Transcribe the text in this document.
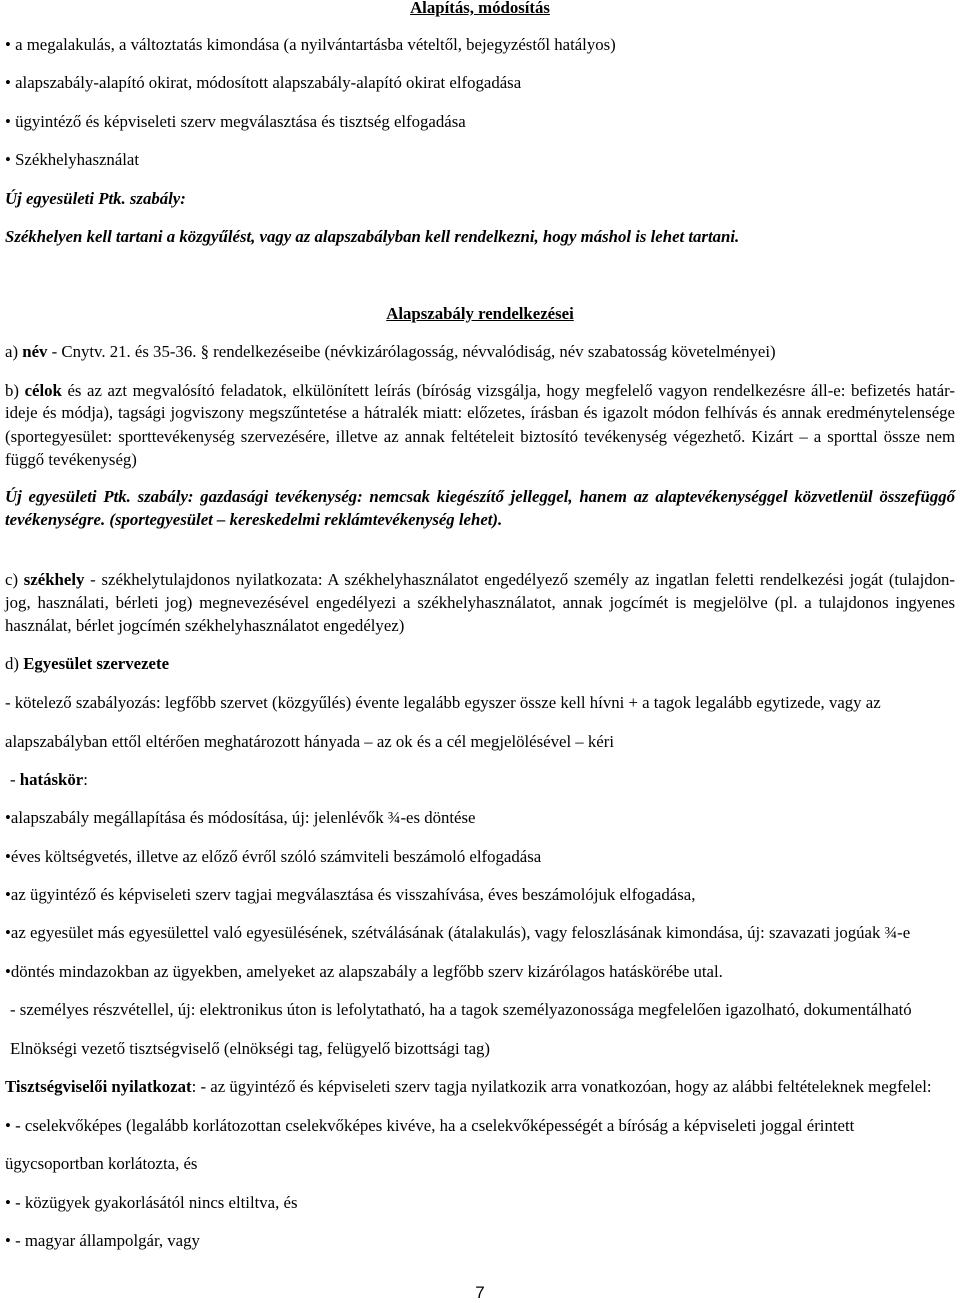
Alapítás, módosítás
• a megalakulás, a változtatás kimondása (a nyilvántartásba vételtől, bejegyzéstől hatályos)
• alapszabály-alapító okirat, módosított alapszabály-alapító okirat elfogadása
• ügyintéző és képviseleti szerv megválasztása és tisztség elfogadása
• Székhelyhasználat
Új egyesületi Ptk. szabály:
Székhelyen kell tartani a közgyűlést, vagy az alapszabályban kell rendelkezni, hogy máshol is lehet tartani.
Alapszabály rendelkezései
a) név - Cnytv. 21. és 35-36. § rendelkezéseibe (névkizárólagosság, névvalódiság, név szabatosság követelményei)
b) célok és az azt megvalósító feladatok, elkülönített leírás (bíróság vizsgálja, hogy megfelelő vagyon rendelkezésre áll-e: befizetés határ-
ideje és módja), tagsági jogviszony megszűntetése a hátralék miatt: előzetes, írásban és igazolt módon felhívás és annak eredménytelensége
(sportegyesület: sporttevékenység szervezésére, illetve az annak feltételeit biztosító tevékenység végezhető. Kizárt – a sporttal össze nem
függő tevékenység)
Új egyesületi Ptk. szabály: gazdasági tevékenység: nemcsak kiegészítő jelleggel, hanem az alaptevékenységgel közvetlenül összefüggő
tevékenységre. (sportegyesület – kereskedelmi reklámtevékenység lehet).
c) székhely - székhelytulajdonos nyilatkozata: A székhelyhasználatot engedélyező személy az ingatlan feletti rendelkezési jogát (tulajdon-
jog, használati, bérleti jog) megnevezésével engedélyezi a székhelyhasználatot, annak jogcímét is megjelölve (pl. a tulajdonos ingyenes
használat, bérlet jogcímén székhelyhasználatot engedélyez)
d) Egyesület szervezete
- kötelező szabályozás: legfőbb szervet (közgyűlés) évente legalább egyszer össze kell hívni + a tagok legalább egytizede, vagy az
alapszabályban ettől eltérően meghatározott hányada – az ok és a cél megjelölésével – kéri
- hatáskör:
•alapszabály megállapítása és módosítása, új: jelenlévők ¾-es döntése
•éves költségvetés, illetve az előző évről szóló számviteli beszámoló elfogadása
•az ügyintéző és képviseleti szerv tagjai megválasztása és visszahívása, éves beszámolójuk elfogadása,
•az egyesület más egyesülettel való egyesülésének, szétválásának (átalakulás), vagy feloszlásának kimondása, új: szavazati jogúak ¾-e
•döntés mindazokban az ügyekben, amelyeket az alapszabály a legfőbb szerv kizárólagos hatáskörébe utal.
- személyes részvétellel, új: elektronikus úton is lefolytatható, ha a tagok személyazonossága megfelelően igazolható, dokumentálható
Elnökségi vezető tisztségviselő (elnökségi tag, felügyelő bizottsági tag)
Tisztségviselői nyilatkozat: - az ügyintéző és képviseleti szerv tagja nyilatkozik arra vonatkozóan, hogy az alábbi feltételeknek megfelel:
• - cselekvőképes (legalább korlátozottan cselekvőképes kivéve, ha a cselekvőképességét a bíróság a képviseleti joggal érintett
ügycsoportban korlátozta, és
• - közügyek gyakorlásától nincs eltiltva, és
• - magyar állampolgár, vagy
7
